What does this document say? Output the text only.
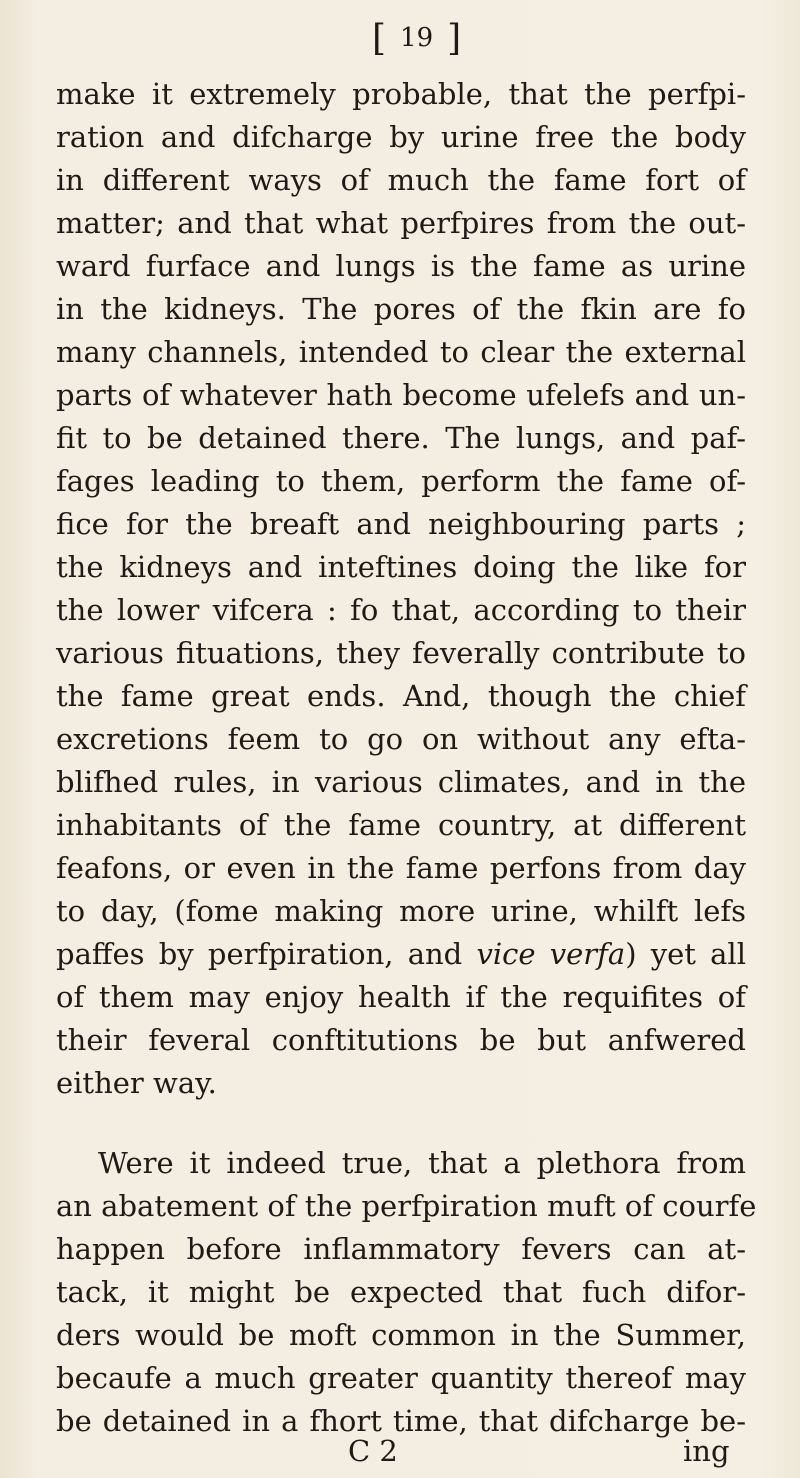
[ 19 ]
make it extremely probable, that the perfpi-
ration and difcharge by urine free the body
in different ways of much the fame fort of
matter; and that what perfpires from the out-
ward furface and lungs is the fame as urine
in the kidneys. The pores of the fkin are fo
many channels, intended to clear the external
parts of whatever hath become ufelefs and un-
fit to be detained there. The lungs, and paf-
fages leading to them, perform the fame of-
fice for the breaft and neighbouring parts ;
the kidneys and inteftines doing the like for
the lower vifcera : fo that, according to their
various fituations, they feverally contribute to
the fame great ends. And, though the chief
excretions feem to go on without any efta-
blifhed rules, in various climates, and in the
inhabitants of the fame country, at different
feafons, or even in the fame perfons from day
to day, (fome making more urine, whilft lefs
paffes by perfpiration, and vice verfa) yet all
of them may enjoy health if the requifites of
their feveral conftitutions be but anfwered
either way.
Were it indeed true, that a plethora from
an abatement of the perfpiration muft of courfe
happen before inflammatory fevers can at-
tack, it might be expected that fuch difor-
ders would be moft common in the Summer,
becaufe a much greater quantity thereof may
be detained in a fhort time, that difcharge be-
C 2	ing
